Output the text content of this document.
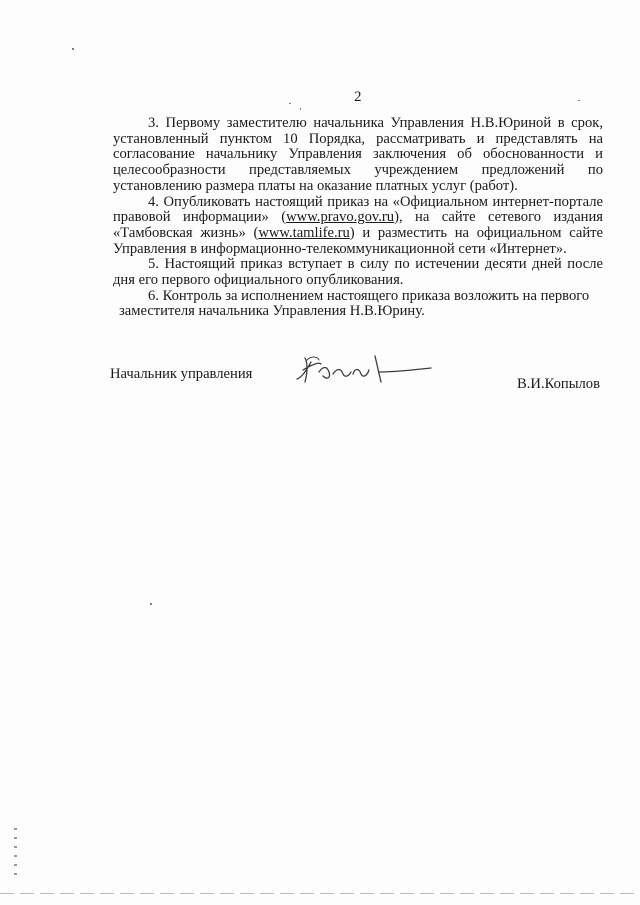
2

3. Первому заместителю начальника Управления Н.В.Юриной в срок, установленный пунктом 10 Порядка, рассматривать и представлять на согласование начальнику Управления заключения об обоснованности и целесообразности представляемых учреждением предложений по установлению размера платы на оказание платных услуг (работ).

4. Опубликовать настоящий приказ на «Официальном интернет-портале правовой информации» (www.pravo.gov.ru), на сайте сетевого издания «Тамбовская жизнь» (www.tamlife.ru) и разместить на официальном сайте Управления в информационно-телекоммуникационной сети «Интернет».

5. Настоящий приказ вступает в силу по истечении десяти дней после дня его первого официального опубликования.

6. Контроль за исполнением настоящего приказа возложить на первого
заместителя начальника Управления Н.В.Юрину.

Начальник управления
В.И.Копылов
